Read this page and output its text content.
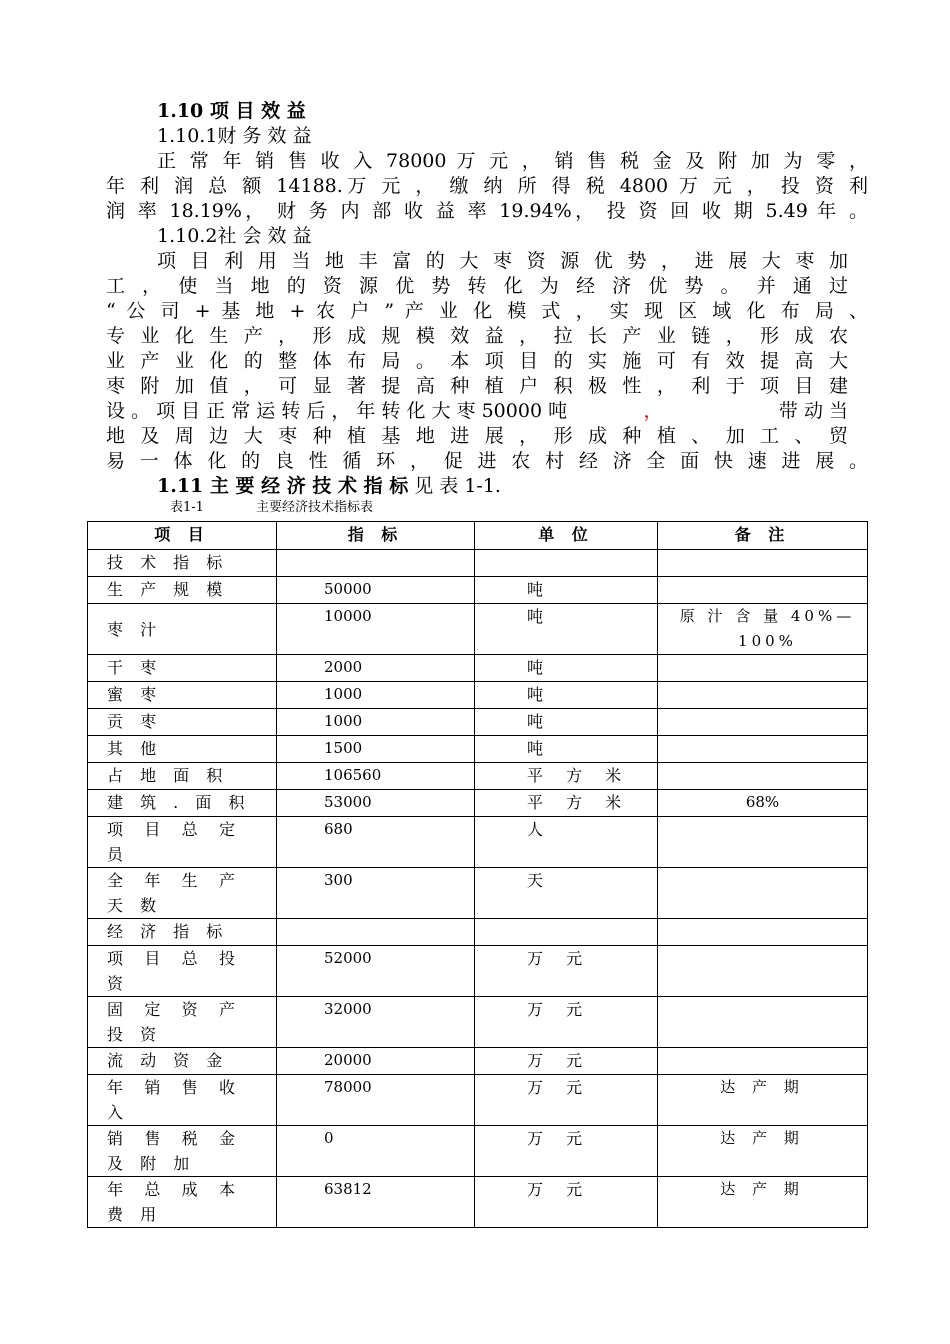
1.10 项 目 效 益
1.10.1财 务 效 益
正 常 年 销 售 收 入 78000 万 元 ， 销 售 税 金 及 附 加 为 零 ，
年 利 润 总 额 14188.万 元 ， 缴 纳 所 得 税 4800 万 元 ， 投 资 利
润 率 18.19%， 财 务 内 部 收 益 率 19.94%， 投 资 回 收 期 5.49 年 。
1.10.2社 会 效 益
项 目 利 用 当 地 丰 富 的 大 枣 资 源 优 势 ， 进 展 大 枣 加
工 ， 使 当 地 的 资 源 优 势 转 化 为 经 济 优 势 。 并 通 过
“ 公 司 + 基 地 + 农 户 ” 产 业 化 模 式 ， 实 现 区 域 化 布 局 、
专 业 化 生 产 ， 形 成 规 模 效 益 ， 拉 长 产 业 链 ， 形 成 农
业 产 业 化 的 整 体 布 局 。 本 项 目 的 实 施 可 有 效 提 高 大
枣 附 加 值 ， 可 显 著 提 高 种 植 户 积 极 性 ， 利 于 项 目 建
设 。 项 目 正 常 运 转 后 ， 年 转 化 大 枣 50000 吨	，	带 动 当
地 及 周 边 大 枣 种 植 基 地 进 展 ， 形 成 种 植 、 加 工 、 贸
易 一 体 化 的 良 性 循 环 ， 促 进 农 村 经 济 全 面 快 速 进 展 。
1.11 主 要 经 济 技 术 指 标 见 表 1-1.
表1-1	主要经济技术指标表
项 目	指 标	单 位	备 注
技 术 指 标			
生 产 规 模	50000	吨	
枣 汁	10000	吨	原 汁 含 量 40%—100%
干 枣	2000	吨	
蜜 枣	1000	吨	
贡 枣	1000	吨	
其 他	1500	吨	
占 地 面 积	106560	平 方 米	
建 筑 . 面 积	53000	平 方 米	68%

项 目 总 定
员	680	人	

全 年 生 产
天 数	300	天	
经 济 指 标			

项 目 总 投
资	52000	万 元	

固 定 资 产
投 资	32000	万 元	
流 动 资 金	20000	万 元	

年 销 售 收
入	78000	万 元	达 产 期

销 售 税 金
及 附 加	0	万 元	达 产 期

年 总 成 本
费 用	63812	万 元	达 产 期
